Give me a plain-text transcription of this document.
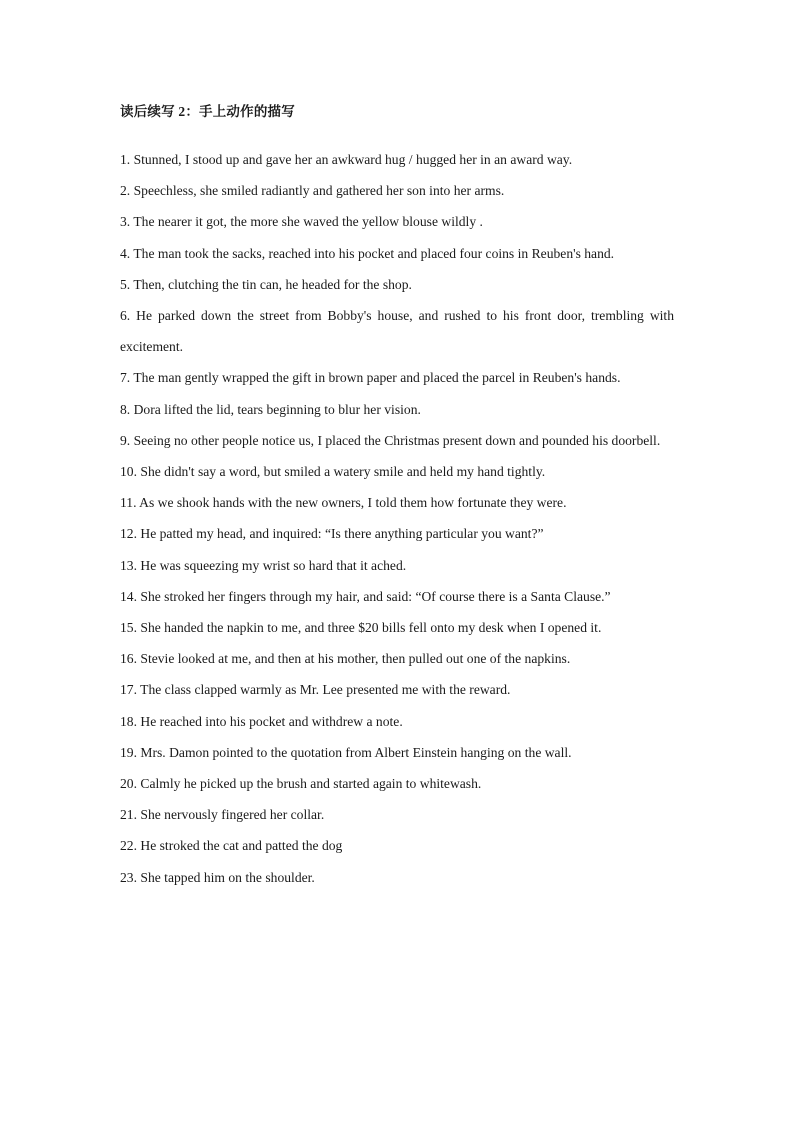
读后续写 2：手上动作的描写

1. Stunned, I stood up and gave her an awkward hug / hugged her in an award way.

2. Speechless, she smiled radiantly and gathered her son into her arms.

3. The nearer it got, the more she waved the yellow blouse wildly .

4. The man took the sacks, reached into his pocket and placed four coins in Reuben's hand.

5. Then, clutching the tin can, he headed for the shop.

6. He parked down the street from Bobby's house, and rushed to his front door, trembling with excitement.

7. The man gently wrapped the gift in brown paper and placed the parcel in Reuben's hands.

8. Dora lifted the lid, tears beginning to blur her vision.

9. Seeing no other people notice us, I placed the Christmas present down and pounded his doorbell.

10. She didn't say a word, but smiled a watery smile and held my hand tightly.

11. As we shook hands with the new owners, I told them how fortunate they were.

12. He patted my head, and inquired: “Is there anything particular you want?”

13. He was squeezing my wrist so hard that it ached.

14. She stroked her fingers through my hair, and said: “Of course there is a Santa Clause.”

15. She handed the napkin to me, and three $20 bills fell onto my desk when I opened it.

16. Stevie looked at me, and then at his mother, then pulled out one of the napkins.

17. The class clapped warmly as Mr. Lee presented me with the reward.

18. He reached into his pocket and withdrew a note.

19. Mrs. Damon pointed to the quotation from Albert Einstein hanging on the wall.

20. Calmly he picked up the brush and started again to whitewash.

21. She nervously fingered her collar.

22. He stroked the cat and patted the dog

23. She tapped him on the shoulder.
